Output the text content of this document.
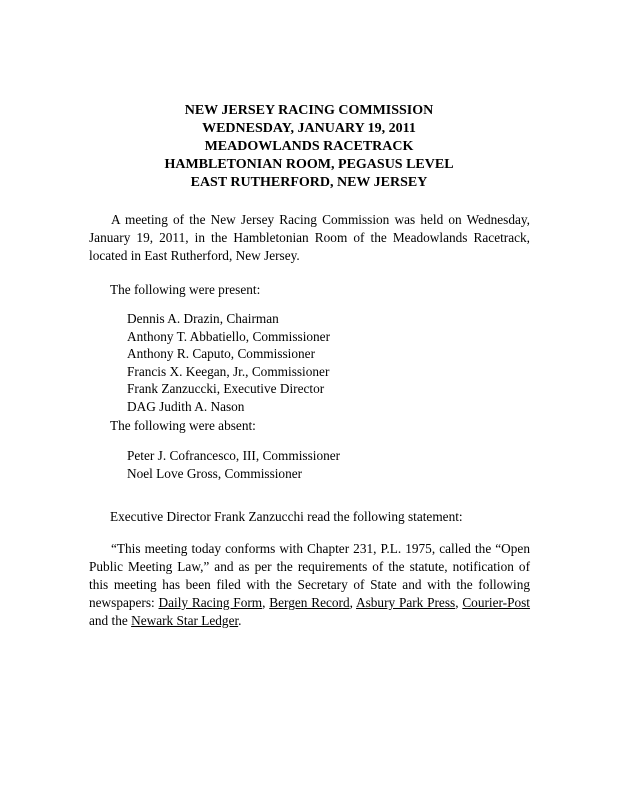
NEW JERSEY RACING COMMISSION
WEDNESDAY, JANUARY 19, 2011
MEADOWLANDS RACETRACK
HAMBLETONIAN ROOM, PEGASUS LEVEL
EAST RUTHERFORD, NEW JERSEY
A meeting of the New Jersey Racing Commission was held on Wednesday, January 19, 2011, in the Hambletonian Room of the Meadowlands Racetrack, located in East Rutherford, New Jersey.
The following were present:
Dennis A. Drazin, Chairman
Anthony T. Abbatiello, Commissioner
Anthony R. Caputo, Commissioner
Francis X. Keegan, Jr., Commissioner
Frank Zanzuccki, Executive Director
DAG Judith A. Nason
The following were absent:
Peter J. Cofrancesco, III, Commissioner
Noel Love Gross, Commissioner
Executive Director Frank Zanzucchi read the following statement:
“This meeting today conforms with Chapter 231, P.L. 1975, called the “Open Public Meeting Law,” and as per the requirements of the statute, notification of this meeting has been filed with the Secretary of State and with the following newspapers: Daily Racing Form, Bergen Record, Asbury Park Press, Courier-Post and the Newark Star Ledger.
